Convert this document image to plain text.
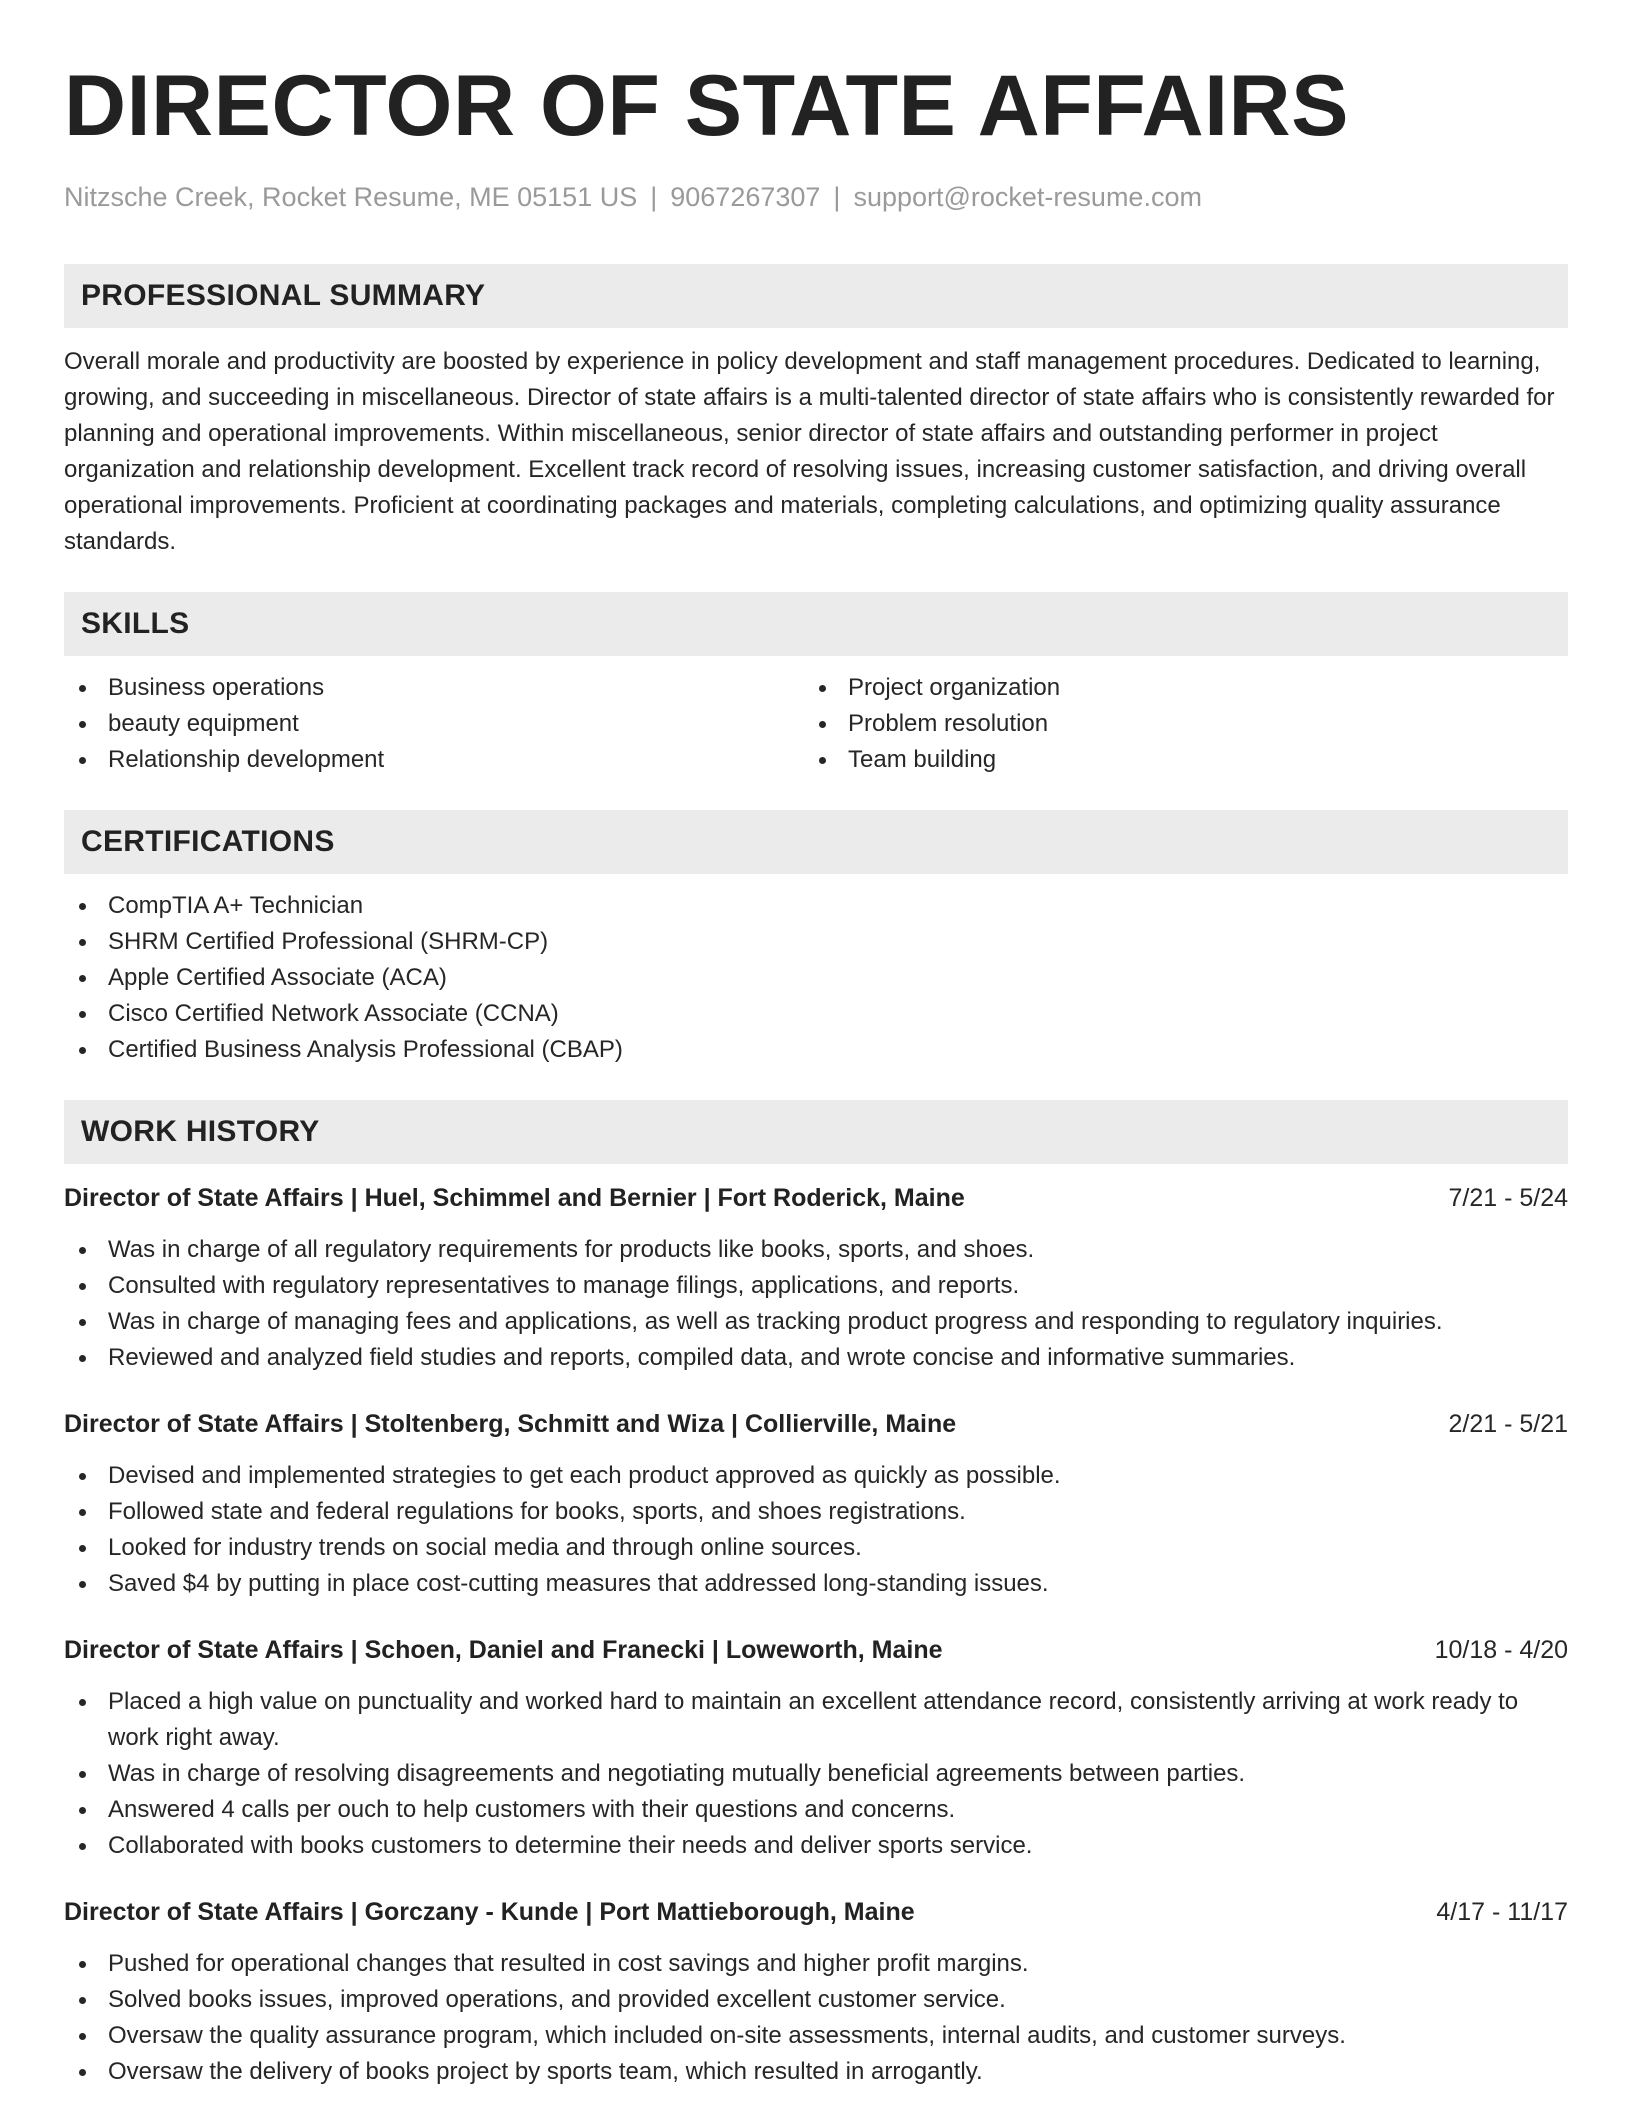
DIRECTOR OF STATE AFFAIRS
Nitzsche Creek, Rocket Resume, ME 05151 US | 9067267307 | support@rocket-resume.com
PROFESSIONAL SUMMARY

Overall morale and productivity are boosted by experience in policy development and staff management procedures. Dedicated to learning, growing, and succeeding in miscellaneous. Director of state affairs is a multi-talented director of state affairs who is consistently rewarded for planning and operational improvements. Within miscellaneous, senior director of state affairs and outstanding performer in project organization and relationship development. Excellent track record of resolving issues, increasing customer satisfaction, and driving overall operational improvements. Proficient at coordinating packages and materials, completing calculations, and optimizing quality assurance standards.

SKILLS
Business operations
beauty equipment
Relationship development
Project organization
Problem resolution
Team building
CERTIFICATIONS
CompTIA A+ Technician
SHRM Certified Professional (SHRM-CP)
Apple Certified Associate (ACA)
Cisco Certified Network Associate (CCNA)
Certified Business Analysis Professional (CBAP)
WORK HISTORY
Director of State Affairs | Huel, Schimmel and Bernier | Fort Roderick, Maine	7/21 - 5/24
Was in charge of all regulatory requirements for products like books, sports, and shoes.
Consulted with regulatory representatives to manage filings, applications, and reports.
Was in charge of managing fees and applications, as well as tracking product progress and responding to regulatory inquiries.
Reviewed and analyzed field studies and reports, compiled data, and wrote concise and informative summaries.
Director of State Affairs | Stoltenberg, Schmitt and Wiza | Collierville, Maine	2/21 - 5/21
Devised and implemented strategies to get each product approved as quickly as possible.
Followed state and federal regulations for books, sports, and shoes registrations.
Looked for industry trends on social media and through online sources.
Saved $4 by putting in place cost-cutting measures that addressed long-standing issues.
Director of State Affairs | Schoen, Daniel and Franecki | Loweworth, Maine	10/18 - 4/20
Placed a high value on punctuality and worked hard to maintain an excellent attendance record, consistently arriving at work ready to work right away.
Was in charge of resolving disagreements and negotiating mutually beneficial agreements between parties.
Answered 4 calls per ouch to help customers with their questions and concerns.
Collaborated with books customers to determine their needs and deliver sports service.
Director of State Affairs | Gorczany - Kunde | Port Mattieborough, Maine	4/17 - 11/17
Pushed for operational changes that resulted in cost savings and higher profit margins.
Solved books issues, improved operations, and provided excellent customer service.
Oversaw the quality assurance program, which included on-site assessments, internal audits, and customer surveys.
Oversaw the delivery of books project by sports team, which resulted in arrogantly.
